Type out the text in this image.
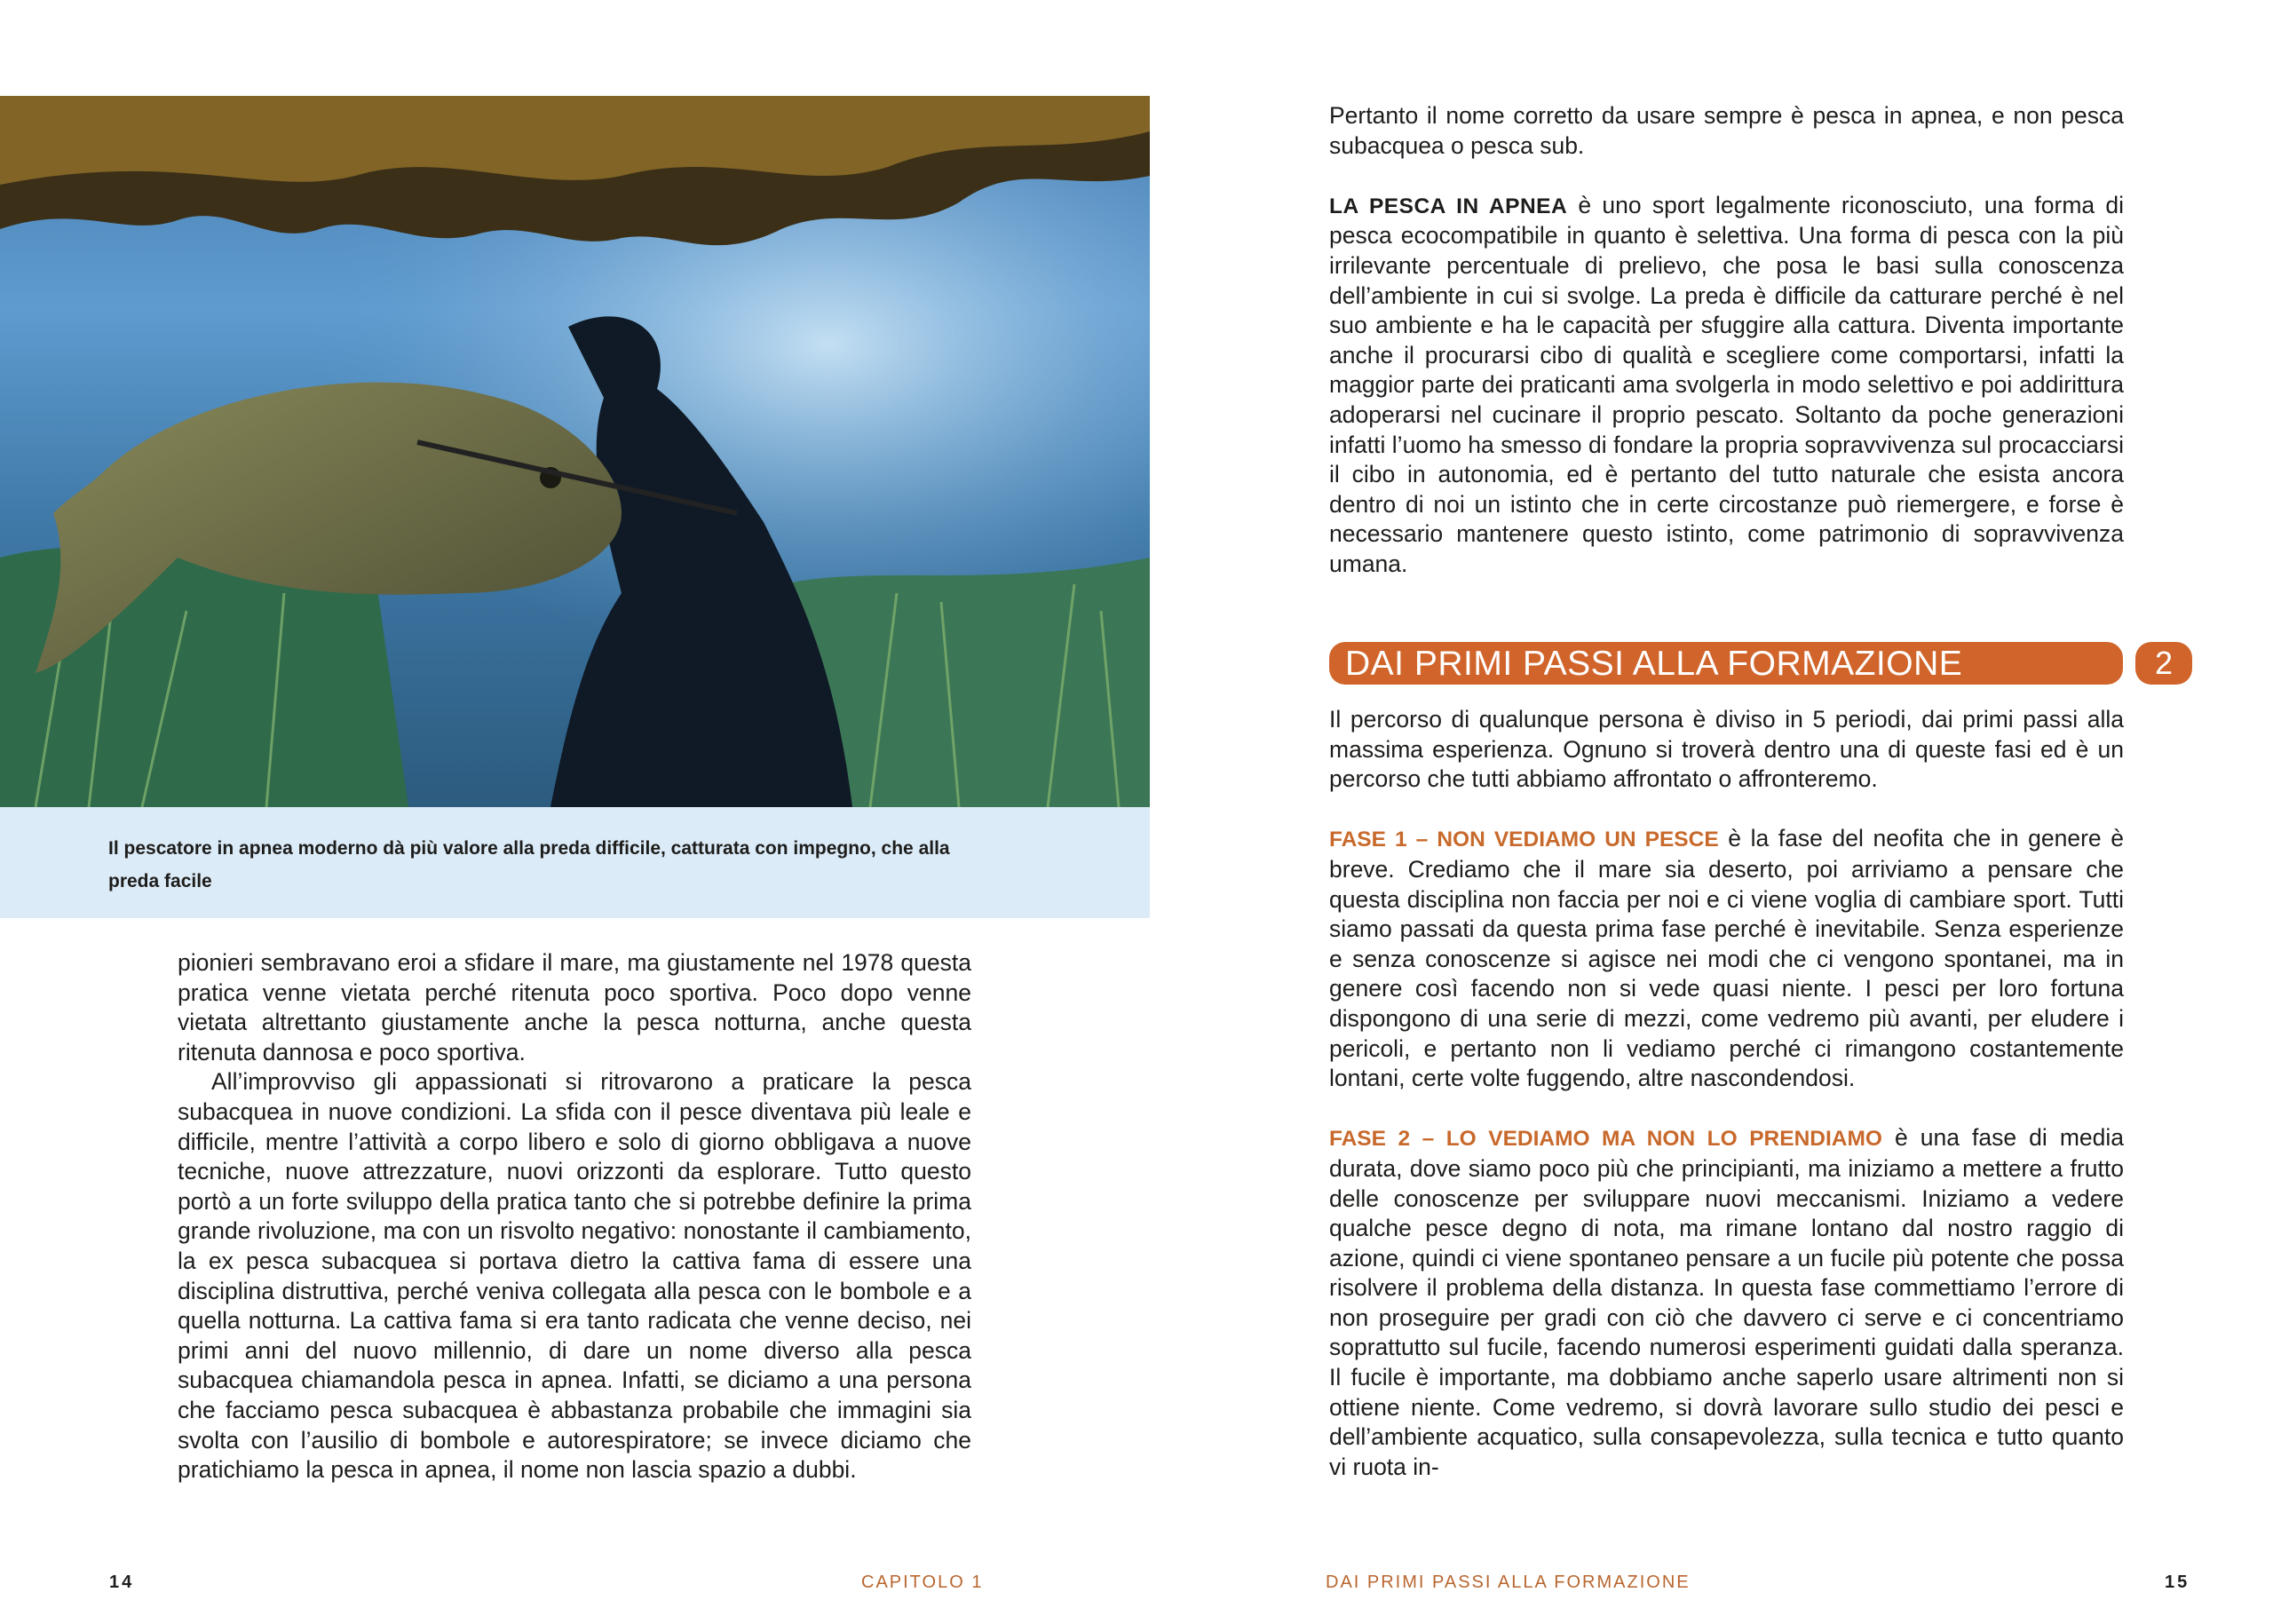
Il pescatore in apnea moderno dà più valore alla preda difficile, catturata con impegno, che alla preda facile

pionieri sembravano eroi a sfidare il mare, ma giustamente nel 1978 questa pratica venne vietata perché ritenuta poco sportiva. Poco dopo venne vietata altrettanto giustamente anche la pesca notturna, anche questa ritenuta dannosa e poco sportiva.

All’improvviso gli appassionati si ritrovarono a praticare la pesca subacquea in nuove condizioni. La sfida con il pesce diventava più leale e difficile, mentre l’attività a corpo libero e solo di giorno obbligava a nuove tecniche, nuove attrezzature, nuovi orizzonti da esplorare. Tutto questo portò a un forte sviluppo della pratica tanto che si potrebbe definire la prima grande rivoluzione, ma con un risvolto negativo: nonostante il cambiamento, la ex pesca subacquea si portava dietro la cattiva fama di essere una disciplina distruttiva, perché veniva collegata alla pesca con le bombole e a quella notturna. La cattiva fama si era tanto radicata che venne deciso, nei primi anni del nuovo millennio, di dare un nome diverso alla pesca subacquea chiamandola pesca in apnea. Infatti, se diciamo a una persona che facciamo pesca subacquea è abbastanza probabile che immagini sia svolta con l’ausilio di bombole e autorespiratore; se invece diciamo che pratichiamo la pesca in apnea, il nome non lascia spazio a dubbi.

14	CAPITOLO 1

Pertanto il nome corretto da usare sempre è pesca in apnea, e non pesca subacquea o pesca sub.

LA PESCA IN APNEA è uno sport legalmente riconosciuto, una forma di pesca ecocompatibile in quanto è selettiva. Una forma di pesca con la più irrilevante percentuale di prelievo, che posa le basi sulla conoscenza dell’ambiente in cui si svolge. La preda è difficile da catturare perché è nel suo ambiente e ha le capacità per sfuggire alla cattura. Diventa importante anche il procurarsi cibo di qualità e scegliere come comportarsi, infatti la maggior parte dei praticanti ama svolgerla in modo selettivo e poi addirittura adoperarsi nel cucinare il proprio pescato. Soltanto da poche generazioni infatti l’uomo ha smesso di fondare la propria sopravvivenza sul procacciarsi il cibo in autonomia, ed è pertanto del tutto naturale che esista ancora dentro di noi un istinto che in certe circostanze può riemergere, e forse è necessario mantenere questo istinto, come patrimonio di sopravvivenza umana.

DAI PRIMI PASSI ALLA FORMAZIONE	2

Il percorso di qualunque persona è diviso in 5 periodi, dai primi passi alla massima esperienza. Ognuno si troverà dentro una di queste fasi ed è un percorso che tutti abbiamo affrontato o affronteremo.

FASE 1 – NON VEDIAMO UN PESCE è la fase del neofita che in genere è breve. Crediamo che il mare sia deserto, poi arriviamo a pensare che questa disciplina non faccia per noi e ci viene voglia di cambiare sport. Tutti siamo passati da questa prima fase perché è inevitabile. Senza esperienze e senza conoscenze si agisce nei modi che ci vengono spontanei, ma in genere così facendo non si vede quasi niente. I pesci per loro fortuna dispongono di una serie di mezzi, come vedremo più avanti, per eludere i pericoli, e pertanto non li vediamo perché ci rimangono costantemente lontani, certe volte fuggendo, altre nascondendosi.

FASE 2 – LO VEDIAMO MA NON LO PRENDIAMO è una fase di media durata, dove siamo poco più che principianti, ma iniziamo a mettere a frutto delle conoscenze per sviluppare nuovi meccanismi. Iniziamo a vedere qualche pesce degno di nota, ma rimane lontano dal nostro raggio di azione, quindi ci viene spontaneo pensare a un fucile più potente che possa risolvere il problema della distanza. In questa fase commettiamo l’errore di non proseguire per gradi con ciò che davvero ci serve e ci concentriamo soprattutto sul fucile, facendo numerosi esperimenti guidati dalla speranza. Il fucile è importante, ma dobbiamo anche saperlo usare altrimenti non si ottiene niente. Come vedremo, si dovrà lavorare sullo studio dei pesci e dell’ambiente acquatico, sulla consapevolezza, sulla tecnica e tutto quanto vi ruota in-

DAI PRIMI PASSI ALLA FORMAZIONE	15
